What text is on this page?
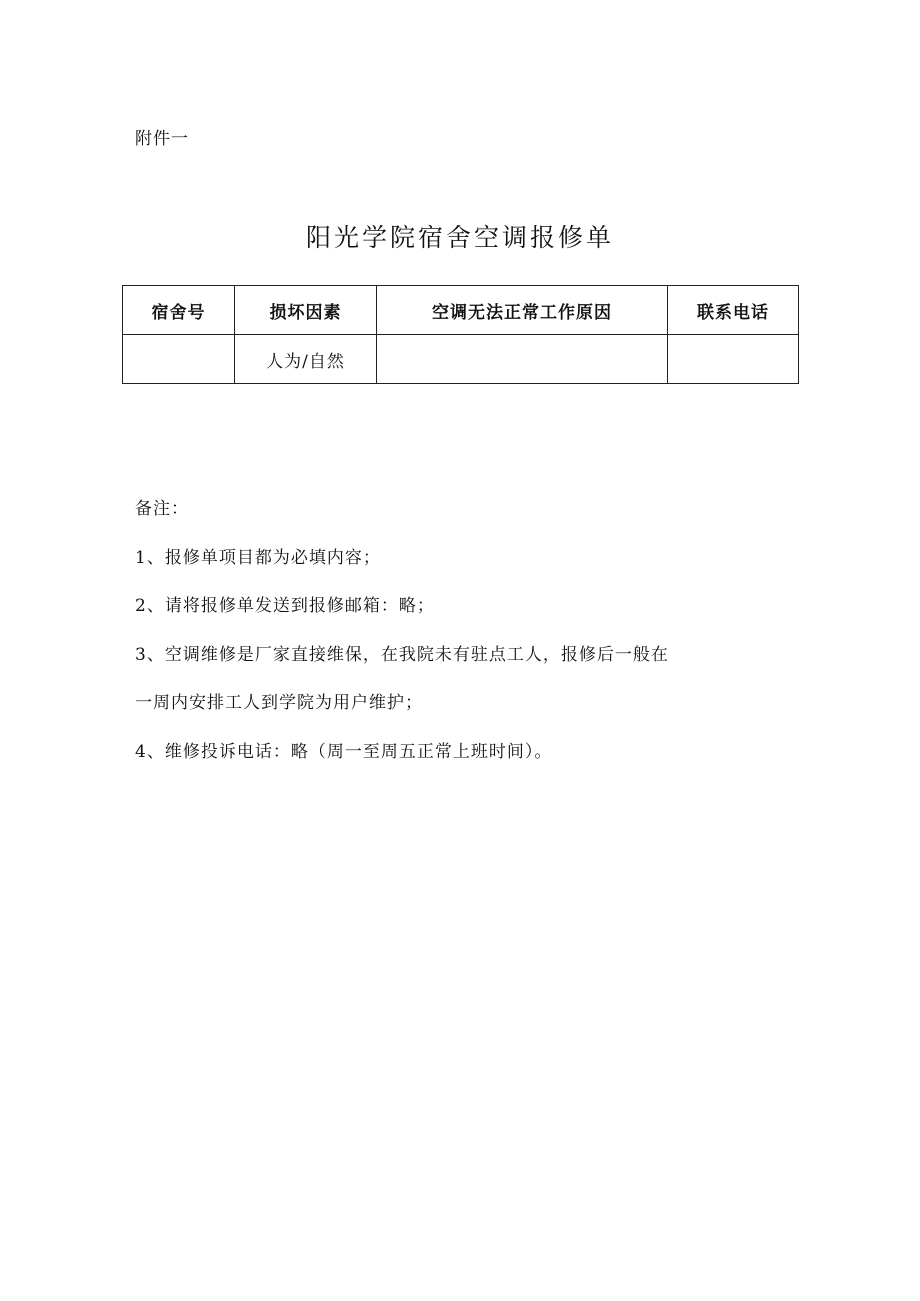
附件一
阳光学院宿舍空调报修单
宿舍号	损坏因素	空调无法正常工作原因	联系电话
	人为/自然		
备注：
1、报修单项目都为必填内容；
2、请将报修单发送到报修邮箱：略；
3、空调维修是厂家直接维保，在我院未有驻点工人，报修后一般在
一周内安排工人到学院为用户维护；
4、维修投诉电话：略（周一至周五正常上班时间）。
